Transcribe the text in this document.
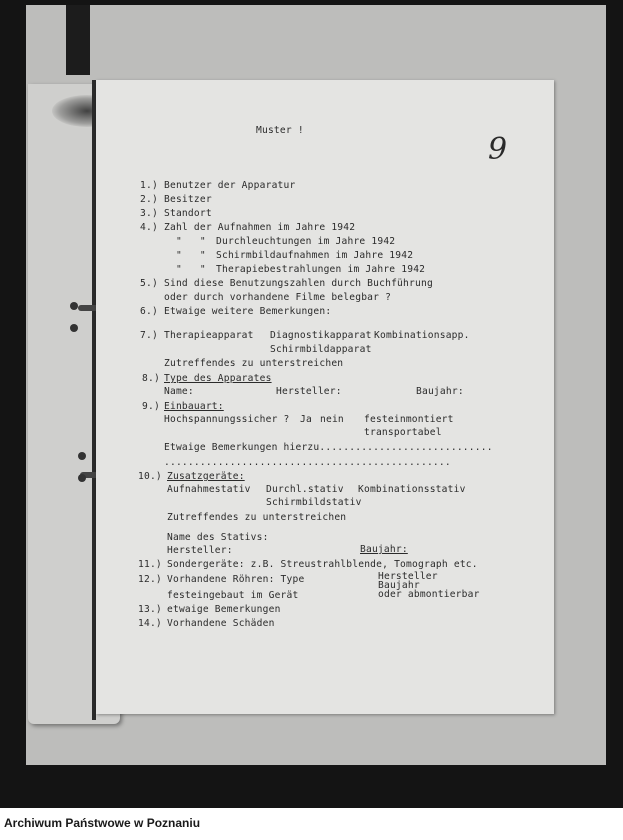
9
Muster !
1.) Benutzer der Apparatur
2.) Besitzer
3.) Standort
4.) Zahl der Aufnahmen im Jahre 1942
"   " Durchleuchtungen im Jahre 1942
"   " Schirmbildaufnahmen im Jahre 1942
"   " Therapiebestrahlungen im Jahre 1942
5.) Sind diese Benutzungszahlen durch Buchführung
oder durch vorhandene Filme belegbar ?
6.) Etwaige weitere Bemerkungen:
7.) Therapieapparat Diagnostikapparat Kombinationsapp.
Schirmbildapparat
Zutreffendes zu unterstreichen
8.) Type des Apparates
Name:	Hersteller:	Baujahr:
9.) Einbauart:
Hochspannungssicher ? Ja nein festeinmontiert
transportabel
Etwaige Bemerkungen hierzu.............................
................................................
10.) Zusatzgeräte:
Aufnahmestativ Durchl.stativ Kombinationsstativ
Schirmbildstativ
Zutreffendes zu unterstreichen
Name des Stativs:
Hersteller:	Baujahr:
11.) Sondergeräte: z.B. Streustrahlblende, Tomograph etc.
12.) Vorhandene Röhren: Type	Hersteller
Baujahr
oder abmontierbar
festeingebaut im Gerät
13.) etwaige Bemerkungen
14.) Vorhandene Schäden
Archiwum Państwowe w Poznaniu
